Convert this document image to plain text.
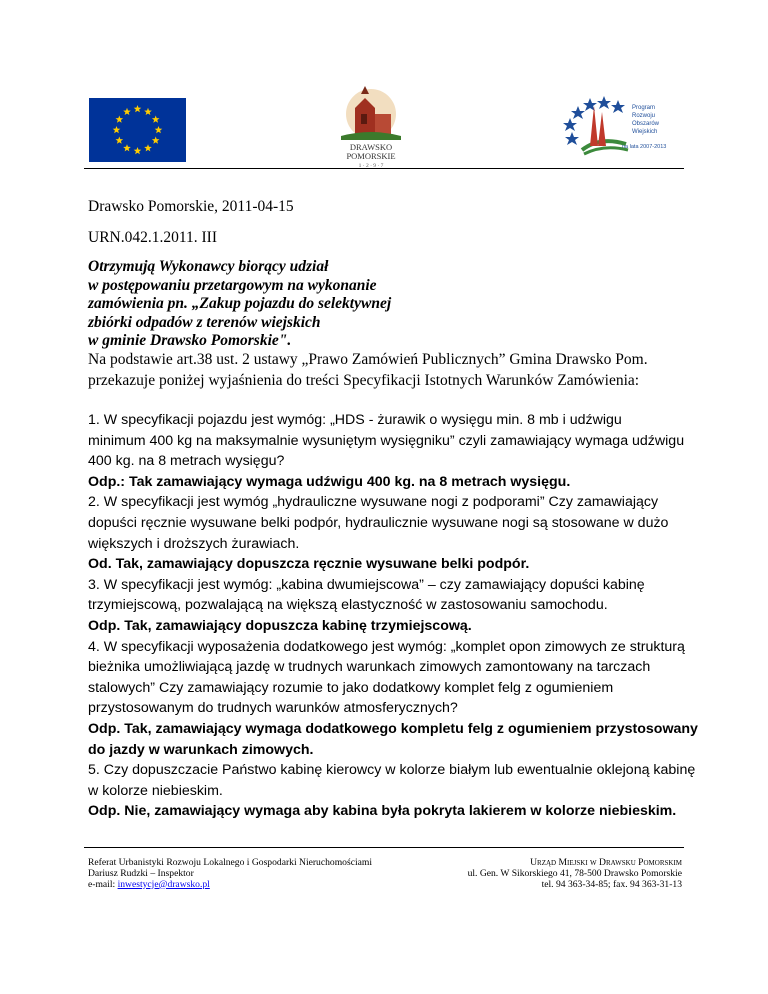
DRAWSKO
POMORSKIE
1 · 2 · 9 · 7
Program
Rozwoju
Obszarów
Wiejskich
na lata 2007-2013
Drawsko Pomorskie, 2011-04-15
URN.042.1.2011. III
Otrzymują Wykonawcy biorący udział
w postępowaniu przetargowym na wykonanie
zamówienia pn. „Zakup pojazdu do selektywnej
zbiórki odpadów z terenów wiejskich
w gminie Drawsko Pomorskie".
Na podstawie art.38 ust. 2 ustawy „Prawo Zamówień Publicznych” Gmina Drawsko Pom.
przekazuje poniżej wyjaśnienia do treści Specyfikacji Istotnych Warunków Zamówienia:
1. W specyfikacji pojazdu jest wymóg: „HDS - żurawik o wysięgu min. 8 mb i udźwigu
minimum 400 kg na maksymalnie wysuniętym wysięgniku” czyli zamawiający wymaga udźwigu
400 kg. na 8 metrach wysięgu?
Odp.: Tak zamawiający wymaga udźwigu 400 kg. na 8 metrach wysięgu.
2. W specyfikacji jest wymóg „hydrauliczne wysuwane nogi z podporami” Czy zamawiający
dopuści ręcznie wysuwane belki podpór, hydraulicznie wysuwane nogi są stosowane w dużo
większych i droższych żurawiach.
Od. Tak, zamawiający dopuszcza ręcznie wysuwane belki podpór.
3. W specyfikacji jest wymóg: „kabina dwumiejscowa” – czy zamawiający dopuści kabinę
trzymiejscową, pozwalającą na większą elastyczność w zastosowaniu samochodu.
Odp. Tak, zamawiający dopuszcza kabinę trzymiejscową.
4. W specyfikacji wyposażenia dodatkowego jest wymóg: „komplet opon zimowych ze strukturą
bieżnika umożliwiającą jazdę w trudnych warunkach zimowych zamontowany na tarczach
stalowych” Czy zamawiający rozumie to jako dodatkowy komplet felg z ogumieniem
przystosowanym do trudnych warunków atmosferycznych?
Odp. Tak, zamawiający wymaga dodatkowego kompletu felg z ogumieniem przystosowany
do jazdy w warunkach zimowych.
5. Czy dopuszczacie Państwo kabinę kierowcy w kolorze białym lub ewentualnie oklejoną kabinę
w kolorze niebieskim.
Odp. Nie, zamawiający wymaga aby kabina była pokryta lakierem w kolorze niebieskim.
Referat Urbanistyki Rozwoju Lokalnego i Gospodarki Nieruchomościami
Dariusz Rudzki – Inspektor
e-mail: inwestycje@drawsko.pl
Urząd Miejski w Drawsku Pomorskim
ul. Gen. W Sikorskiego 41, 78-500 Drawsko Pomorskie
tel. 94 363-34-85; fax. 94 363-31-13
